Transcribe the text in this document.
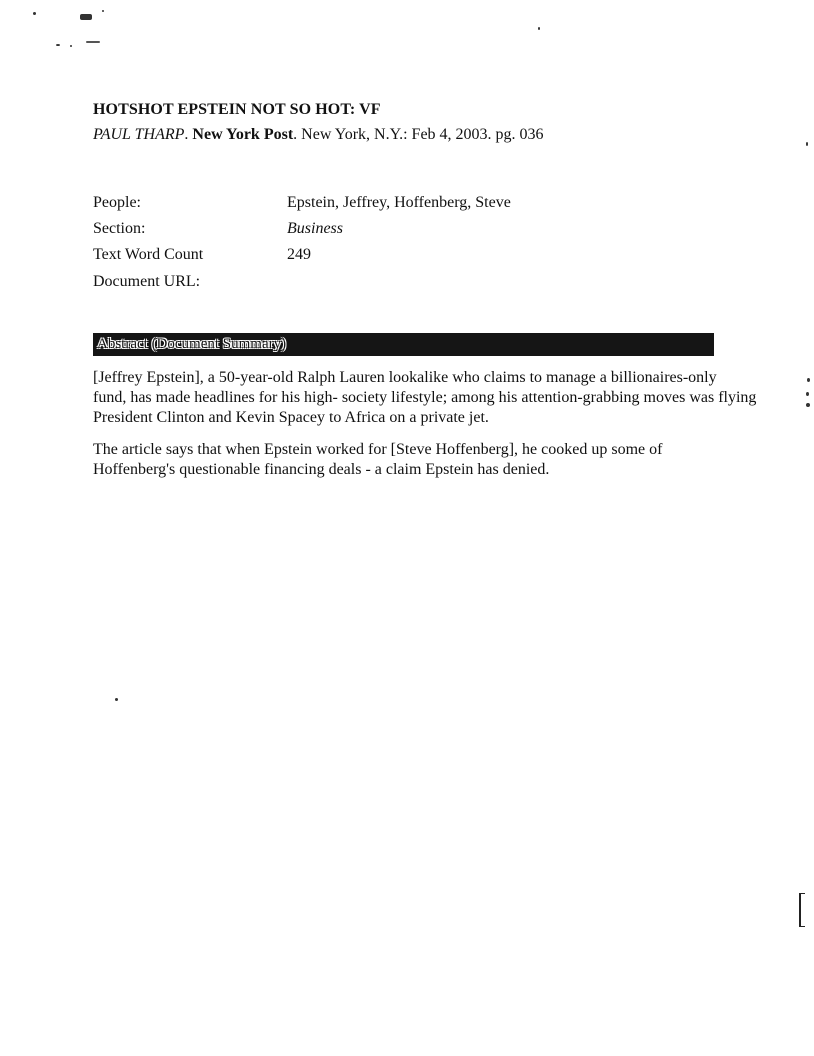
HOTSHOT EPSTEIN NOT SO HOT: VF
PAUL THARP. New York Post. New York, N.Y.: Feb 4, 2003. pg. 036
People:	Epstein, Jeffrey, Hoffenberg, Steve
Section:	Business
Text Word Count	249
Document URL:
Abstract (Document Summary)

[Jeffrey Epstein], a 50-year-old Ralph Lauren lookalike who claims to manage a billionaires-only
fund, has made headlines for his high- society lifestyle; among his attention-grabbing moves was flying
President Clinton and Kevin Spacey to Africa on a private jet.

The article says that when Epstein worked for [Steve Hoffenberg], he cooked up some of
Hoffenberg's questionable financing deals - a claim Epstein has denied.
